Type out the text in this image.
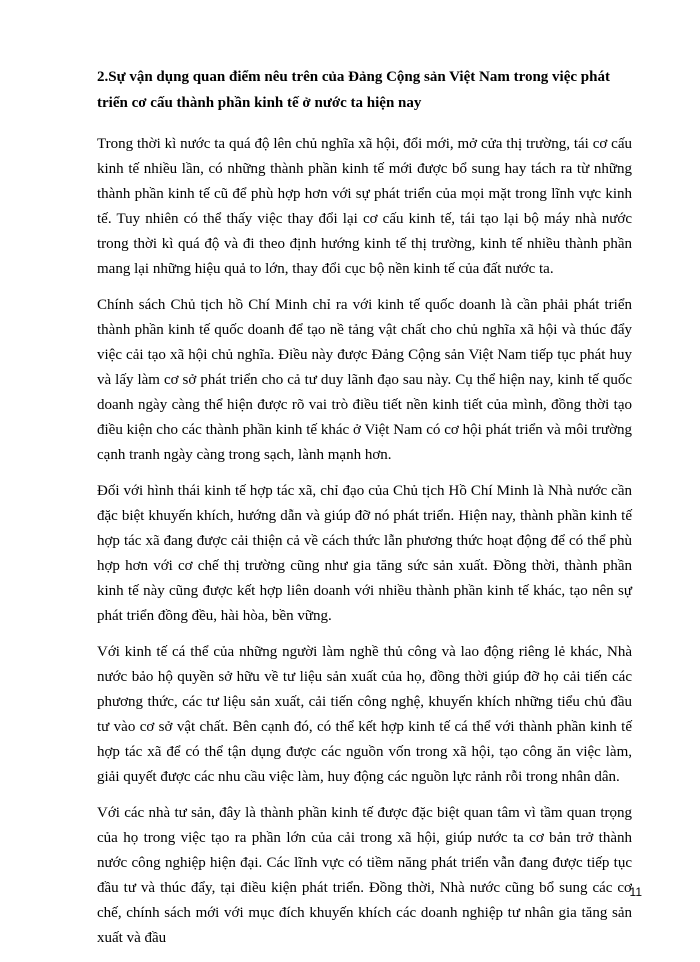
2.Sự vận dụng quan điểm nêu trên của Đảng Cộng sản Việt Nam trong việc phát triển cơ cấu thành phần kinh tế ở nước ta hiện nay

Trong thời kì nước ta quá độ lên chủ nghĩa xã hội, đổi mới, mở cửa thị trường, tái cơ cấu kinh tế nhiều lần, có những thành phần kinh tế mới được bổ sung hay tách ra từ những thành phần kinh tế cũ để phù hợp hơn với sự phát triển của mọi mặt trong lĩnh vực kinh tế. Tuy nhiên có thể thấy việc thay đổi lại cơ cấu kinh tế, tái tạo lại bộ máy nhà nước trong thời kì quá độ và đi theo định hướng kinh tế thị trường, kinh tế nhiều thành phần mang lại những hiệu quả to lớn, thay đổi cục bộ nền kinh tế của đất nước ta.

Chính sách Chủ tịch hồ Chí Minh chỉ ra với kinh tế quốc doanh là cần phải phát triển thành phần kinh tế quốc doanh để tạo nề tảng vật chất cho chủ nghĩa xã hội và thúc đẩy việc cải tạo xã hội chủ nghĩa. Điều này được Đảng Cộng sản Việt Nam tiếp tục phát huy và lấy làm cơ sở phát triển cho cả tư duy lãnh đạo sau này. Cụ thể hiện nay, kinh tế quốc doanh ngày càng thể hiện được rõ vai trò điều tiết nền kinh tiết của mình, đồng thời tạo điều kiện cho các thành phần kinh tế khác ở Việt Nam có cơ hội phát triển và môi trường cạnh tranh ngày càng trong sạch, lành mạnh hơn.

Đối với hình thái kinh tế hợp tác xã, chỉ đạo của Chủ tịch Hồ Chí Minh là Nhà nước cần đặc biệt khuyến khích, hướng dẫn và giúp đỡ nó phát triển. Hiện nay, thành phần kinh tế hợp tác xã đang được cải thiện cả về cách thức lẫn phương thức hoạt động để có thể phù hợp hơn với cơ chế thị trường cũng như gia tăng sức sản xuất. Đồng thời, thành phần kinh tế này cũng được kết hợp liên doanh với nhiều thành phần kinh tế khác, tạo nên sự phát triển đồng đều, hài hòa, bền vững.

Với kinh tế cá thể của những người làm nghề thủ công và lao động riêng lẻ khác, Nhà nước bảo hộ quyền sở hữu về tư liệu sản xuất của họ, đồng thời giúp đỡ họ cải tiến các phương thức, các tư liệu sản xuất, cải tiến công nghệ, khuyến khích những tiểu chủ đầu tư vào cơ sở vật chất. Bên cạnh đó, có thể kết hợp kinh tế cá thể với thành phần kinh tế hợp tác xã để có thể tận dụng được các nguồn vốn trong xã hội, tạo công ăn việc làm, giải quyết được các nhu cầu việc làm, huy động các nguồn lực rảnh rỗi trong nhân dân.

Với các nhà tư sản, đây là thành phần kinh tế được đặc biệt quan tâm vì tầm quan trọng của họ trong việc tạo ra phần lớn của cải trong xã hội, giúp nước ta cơ bản trở thành nước công nghiệp hiện đại. Các lĩnh vực có tiềm năng phát triển vẫn đang được tiếp tục đầu tư và thúc đẩy, tại điều kiện phát triển. Đồng thời, Nhà nước cũng bổ sung các cơ chế, chính sách mới với mục đích khuyến khích các doanh nghiệp tư nhân gia tăng sản xuất và đầu

11
